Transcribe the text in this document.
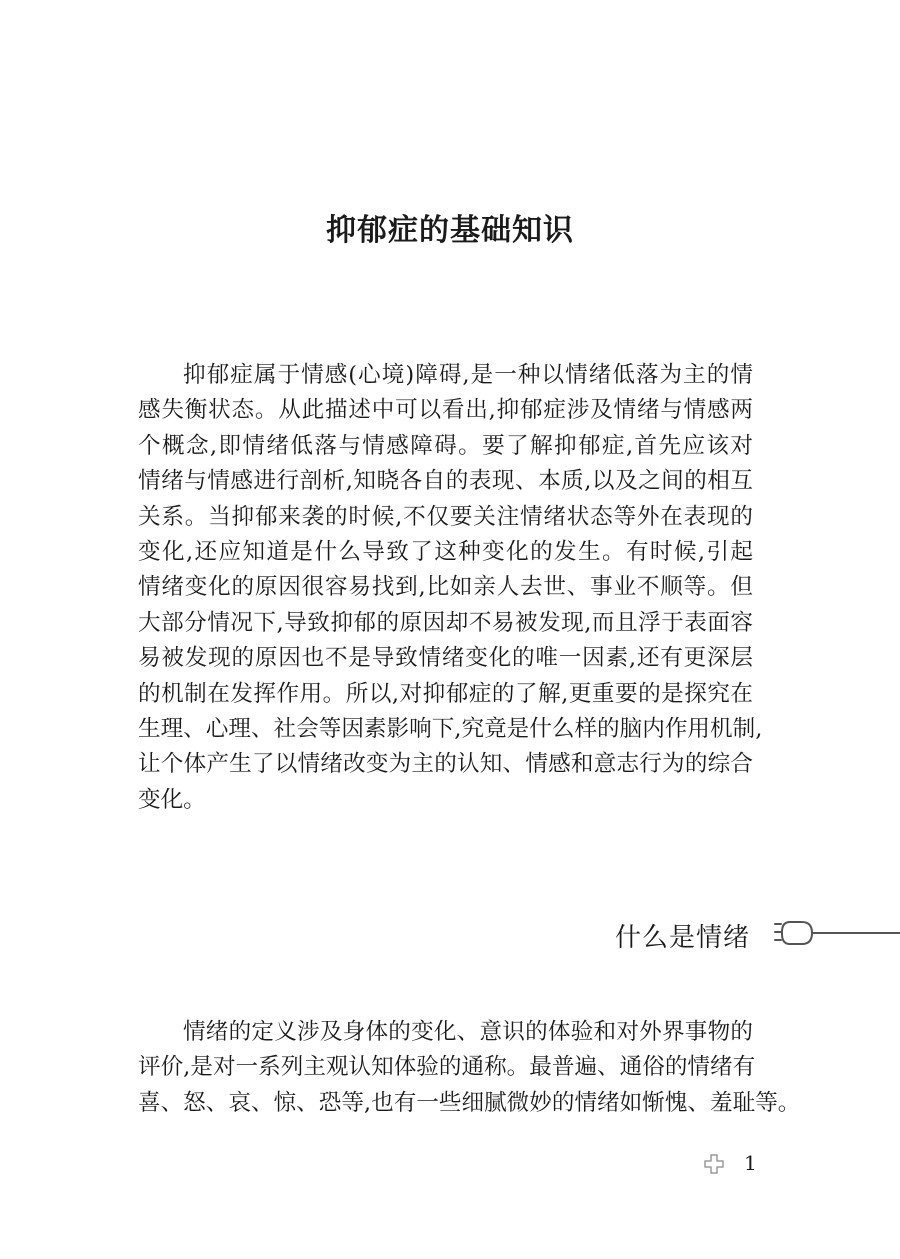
抑郁症的基础知识
抑郁症属于情感(心境)障碍,是一种以情绪低落为主的情
感失衡状态。从此描述中可以看出,抑郁症涉及情绪与情感两
个概念,即情绪低落与情感障碍。要了解抑郁症,首先应该对
情绪与情感进行剖析,知晓各自的表现、本质,以及之间的相互
关系。当抑郁来袭的时候,不仅要关注情绪状态等外在表现的
变化,还应知道是什么导致了这种变化的发生。有时候,引起
情绪变化的原因很容易找到,比如亲人去世、事业不顺等。但
大部分情况下,导致抑郁的原因却不易被发现,而且浮于表面容
易被发现的原因也不是导致情绪变化的唯一因素,还有更深层
的机制在发挥作用。所以,对抑郁症的了解,更重要的是探究在
生理、心理、社会等因素影响下,究竟是什么样的脑内作用机制,
让个体产生了以情绪改变为主的认知、情感和意志行为的综合
变化。
什么是情绪
情绪的定义涉及身体的变化、意识的体验和对外界事物的
评价,是对一系列主观认知体验的通称。最普遍、通俗的情绪有
喜、怒、哀、惊、恐等,也有一些细腻微妙的情绪如惭愧、羞耻等。
1
